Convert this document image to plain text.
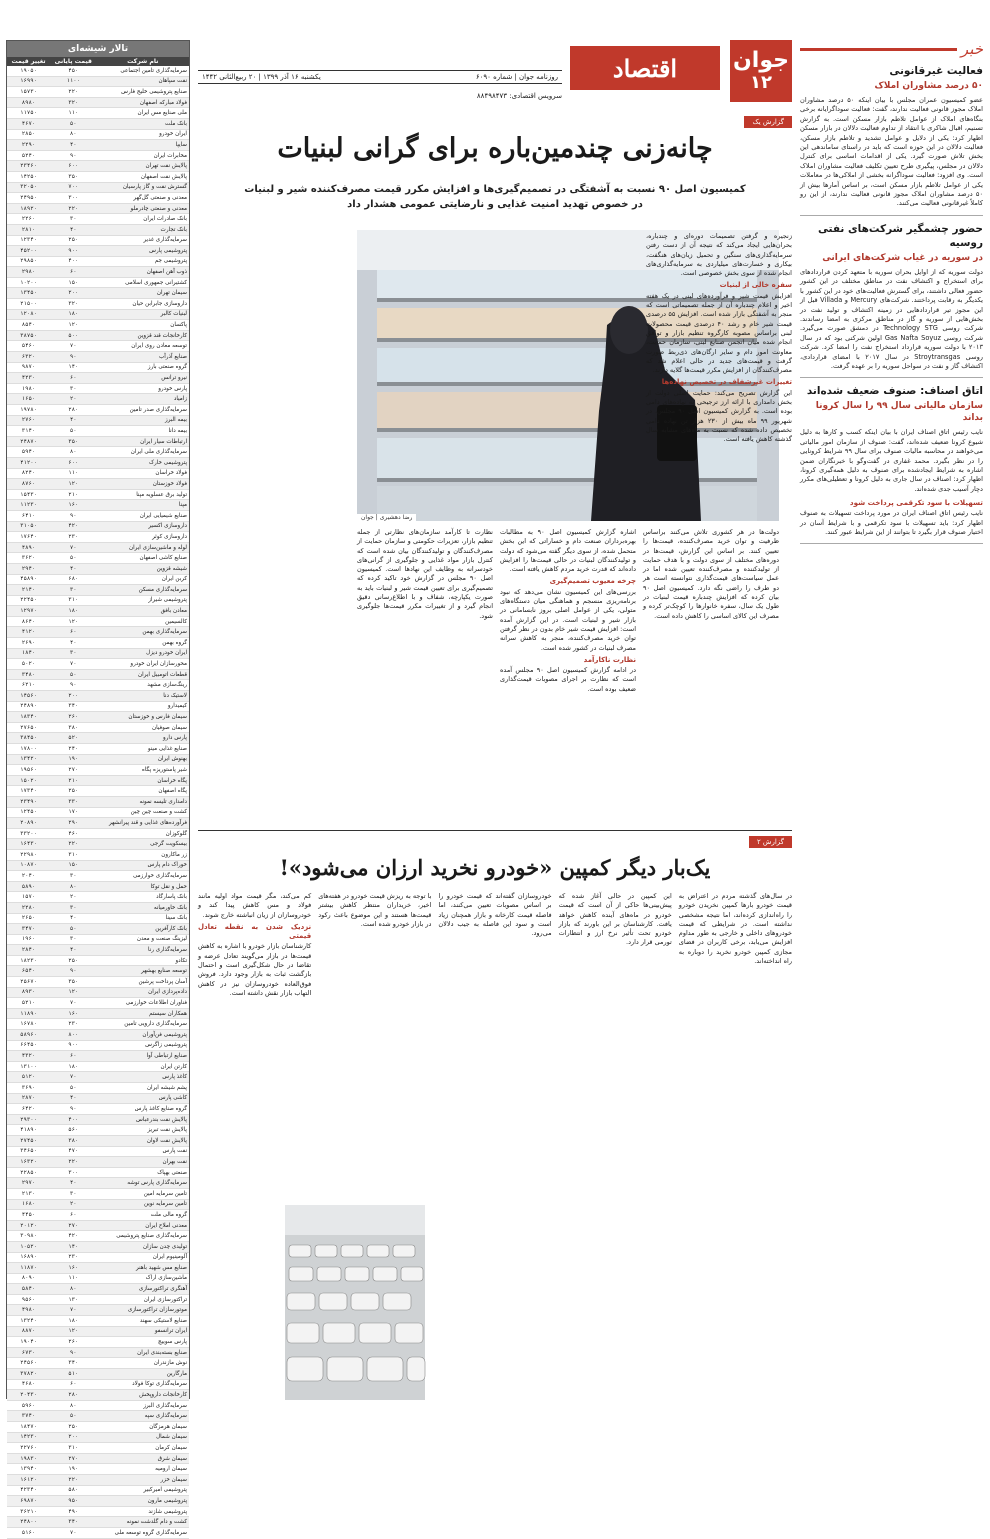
خبر
فعالیت غیرقانونی
۵۰ درصد مشاوران املاک

عضو کمیسیون عمران مجلس با بیان اینکه ۵۰ درصد مشاوران املاک مجوز قانونی فعالیت ندارند، گفت: فعالیت سوداگرایانه برخی بنگاه‌های املاک از عوامل تلاطم بازار مسکن است. به گزارش تسنیم، اقبال شاکری با انتقاد از تداوم فعالیت دلالان در بازار مسکن اظهار کرد: یکی از دلایل و عوامل تشدید و تلاطم بازار مسکن، فعالیت دلالان در این حوزه است که باید در راستای ساماندهی این بخش تلاش صورت گیرد. یکی از اقدامات اساسی برای کنترل دلالان در مجلس، پیگیری طرح تعیین تکلیف فعالیت مشاوران املاک است. وی افزود: فعالیت سوداگرانه بخشی از املاکی‌ها در معاملات یکی از عوامل تلاطم بازار مسکن است، بر اساس آمارها بیش از ۵۰ درصد مشاوران املاک مجوز قانونی فعالیت ندارند، از این رو کاملاً غیرقانونی فعالیت می‌کنند.

حضور چشمگیر شرکت‌های نفتی روسیه
در سوریه در غیاب شرکت‌های ایرانی

دولت سوریه که از اوایل بحران سوریه با متعهد کردن قراردادهای برای استخراج و اکتشاف نفت در مناطق مختلف در این کشور حضور فعالی داشتند، برای گسترش فعالیت‌های خود در این کشور با یکدیگر به رقابت پرداختند. شرکت‌های Mercury و Villada قبل از این مجوز تیر قراردادهایی در زمینه اکتشاف و تولید نفت در بخش‌هایی از سوریه و گاز در مناطق مرکزی به امضا رساندند. شرکت روسی Technology STG در دمشق صورت می‌گیرد. شرکت روسی Gas Nafta Soyuz اولین شرکتی بود که در سال ۲۰۱۳ با دولت سوریه قرارداد استخراج نفت را امضا کرد. شرکت روسی Stroytransgas در سال ۲۰۱۷ با امضای قراردادی، اکتشاف گاز و نفت در سواحل سوریه را بر عهده گرفت.

اتاق اصناف: صنوف ضعیف شده‌اند
سازمان مالیاتی سال ۹۹ را سال کرونا بداند

نایب رئیس اتاق اصناف ایران با بیان اینکه کسب و کارها به دلیل شیوع کرونا ضعیف شده‌اند، گفت: صنوف از سازمان امور مالیاتی می‌خواهند در محاسبه مالیات صنوف برای سال ۹۹ شرایط کرونایی را در نظر بگیرد. محمد غفاری در گفت‌وگو با خبرنگاران ضمن اشاره به شرایط ایجادشده برای صنوف به دلیل همه‌گیری کرونا، اظهار کرد: اصناف در سال جاری به دلیل کرونا و تعطیلی‌های مکرر دچار آسیب جدی شده‌اند.

تسهیلات با سود تکرقمی پرداخت شود

نایب رئیس اتاق اصناف ایران در مورد پرداخت تسهیلات به صنوف اظهار کرد: باید تسهیلات با سود تکرقمی و با شرایط آسان در اختیار صنوف قرار بگیرد تا بتوانند از این شرایط عبور کنند.

تالار شیشه‌ای
نام شرکت	قیمت پایانی	تغییر قیمت
سرمایه‌گذاری تامین اجتماعی	۴۵۰	۱۹۰۵۰
نفت سپاهان	۱۱۰۰	۱۶۹۹۰
صنایع پتروشیمی خلیج فارس	۲۲۰	۱۵۷۳۰
فولاد مبارکه اصفهان	۳۲۰	۸۹۸۰
ملی صنایع مس ایران	۱۱۰	۱۱۷۵۰
بانک ملت	۵۰	۴۶۷۰
ایران خودرو	۸۰	۲۸۵۰
سایپا	۴۰	۲۲۹۰
مخابرات ایران	۹۰	۵۲۴۰
پالایش نفت تهران	۶۰۰	۲۳۴۶۰
پالایش نفت اصفهان	۳۵۰	۱۴۲۵۰
گسترش نفت و گاز پارسیان	۷۰۰	۳۲۰۵۰
معدنی و صنعتی گل‌گهر	۳۰۰	۲۴۹۵۰
معدنی و صنعتی چادرملو	۲۲۰	۱۸۹۲۰
بانک صادرات ایران	۳۰	۲۲۶۰
بانک تجارت	۴۰	۲۸۱۰
سرمایه‌گذاری غدیر	۲۵۰	۱۲۳۴۰
پتروشیمی پارس	۹۰۰	۴۵۲۰۰
پتروشیمی جم	۴۰۰	۲۹۸۵۰
ذوب آهن اصفهان	۶۰	۲۹۸۰
کشتیرانی جمهوری اسلامی	۱۵۰	۱۰۲۰۰
سیمان تهران	۲۰۰	۱۳۴۵۰
داروسازی جابرابن حیان	۳۲۰	۲۱۵۰۰
لبنیات کالبر	۱۸۰	۱۲۰۸۰
پاکسان	۱۲۰	۸۵۴۰
کارخانجات قند قزوین	۵۰۰	۳۸۷۵۰
توسعه معادن روی ایران	۷۰	۵۴۶۰
صنایع آذرآب	۹۰	۶۳۲۰
گروه صنعتی بارز	۱۴۰	۹۸۷۰
نیرو ترانس	۶۰	۴۲۳۰
پارس خودرو	۳۰	۱۹۸۰
زامیاد	۲۰	۱۶۵۰
سرمایه‌گذاری صدر تامین	۲۸۰	۱۹۷۸۰
بیمه البرز	۴۰	۲۷۶۰
بیمه دانا	۵۰	۳۱۴۰
ارتباطات سیار ایران	۳۵۰	۲۴۸۷۰
سرمایه‌گذاری ملی ایران	۸۰	۵۹۴۰
پتروشیمی خارک	۶۰۰	۴۱۲۰۰
فولاد خراسان	۱۱۰	۸۲۴۰
فولاد خوزستان	۱۲۰	۸۷۶۰
تولید برق عسلویه مپنا	۲۱۰	۱۵۴۳۰
مپنا	۱۶۰	۱۱۲۳۰
صنایع شیمیایی ایران	۹۰	۶۴۱۰
داروسازی اکسیر	۴۲۰	۳۱۰۵۰
داروسازی کوثر	۲۳۰	۱۷۶۴۰
لوله و ماشین‌سازی ایران	۷۰	۴۸۹۰
صنایع کاشی اصفهان	۵۰	۳۶۲۰
شیشه قزوین	۴۰	۲۹۴۰
کربن ایران	۶۸۰	۴۵۸۹۰
سرمایه‌گذاری مسکن	۳۰	۲۱۴۰
پتروشیمی شیراز	۳۱۰	۲۲۴۵۰
معادن بافق	۱۸۰	۱۲۹۷۰
کالسیمین	۱۲۰	۸۶۴۰
سرمایه‌گذاری بهمن	۶۰	۴۱۲۰
گروه بهمن	۴۰	۲۶۹۰
ایران خودرو دیزل	۳۰	۱۸۴۰
محورسازان ایران خودرو	۷۰	۵۰۲۰
قطعات اتومبیل ایران	۵۰	۳۴۸۰
رینگ‌سازی مشهد	۹۰	۶۲۱۰
لاستیک دنا	۲۰۰	۱۴۵۶۰
کیمیدارو	۳۴۰	۲۴۸۹۰
سیمان فارس و خوزستان	۲۶۰	۱۸۳۴۰
سیمان صوفیان	۳۸۰	۲۷۶۵۰
پارس دارو	۵۲۰	۳۸۴۵۰
صنایع غذایی مینو	۲۴۰	۱۷۸۰۰
بهنوش ایران	۱۹۰	۱۳۴۲۰
شیر پاستوریزه پگاه	۲۷۰	۱۹۵۶۰
پگاه خراسان	۲۱۰	۱۵۰۲۰
پگاه اصفهان	۲۵۰	۱۷۳۴۰
دامداری تلیسه نمونه	۳۳۰	۲۳۴۹۰
کشت و صنعت چین چین	۱۷۰	۱۲۴۵۰
فرآورده‌های غذایی و قند پیرانشهر	۲۹۰	۲۰۸۹۰
گلوکوزان	۴۶۰	۳۳۲۰۰
بیسکویت گرجی	۲۲۰	۱۶۴۳۰
زر ماکارون	۳۱۰	۲۲۹۸۰
خوراک دام پارس	۱۵۰	۱۰۸۷۰
سرمایه‌گذاری خوارزمی	۳۰	۲۰۴۰
حمل و نقل توکا	۸۰	۵۸۹۰
بانک پاسارگاد	۲۰	۱۵۷۰
بانک خاورمیانه	۳۰	۲۲۸۰
بانک سینا	۴۰	۲۶۵۰
بانک کارآفرین	۵۰	۳۴۷۰
لیزینگ صنعت و معدن	۳۰	۱۹۶۰
سرمایه‌گذاری رنا	۴۰	۲۸۴۰
تکادو	۲۵۰	۱۸۲۳۰
توسعه صنایع بهشهر	۹۰	۶۵۴۰
آسان پرداخت پرشین	۳۵۰	۲۵۶۷۰
داده‌پردازی ایران	۱۲۰	۸۹۳۰
فناوران اطلاعات خوارزمی	۷۰	۵۲۱۰
همکاران سیستم	۱۶۰	۱۱۸۹۰
سرمایه‌گذاری دارویی تامین	۲۳۰	۱۶۷۸۰
پتروشیمی فن‌آوران	۸۰۰	۵۸۹۶۰
پتروشیمی زاگرس	۹۰۰	۶۶۴۵۰
صنایع ارتباطی آوا	۶۰	۴۳۲۰
کارتن ایران	۱۸۰	۱۳۱۰۰
کاغذ پارس	۷۰	۵۱۲۰
پشم شیشه ایران	۵۰	۳۶۹۰
کاشی پارس	۴۰	۲۸۷۰
گروه صنایع کاغذ پارس	۹۰	۶۴۲۰
پالایش نفت بندرعباس	۴۰۰	۲۹۳۰۰
پالایش نفت تبریز	۵۶۰	۴۱۸۹۰
پالایش نفت لاوان	۳۸۰	۲۷۴۵۰
نفت پارس	۴۷۰	۳۴۶۵۰
نفت بهران	۲۲۰	۱۶۳۲۰
صنعتی بهپاک	۳۰۰	۲۲۸۵۰
سرمایه‌گذاری پارس توشه	۴۰	۲۹۷۰
تامین سرمایه امین	۳۰	۲۱۳۰
تامین سرمایه نوین	۲۰	۱۶۸۰
گروه مالی ملت	۶۰	۴۴۵۰
معدنی املاح ایران	۲۷۰	۲۰۱۲۰
سرمایه‌گذاری صنایع پتروشیمی	۴۲۰	۳۰۹۸۰
تولیدی چدن سازان	۱۴۰	۱۰۵۲۰
آلومینیوم ایران	۲۳۰	۱۶۸۹۰
صنایع مس شهید باهنر	۱۶۰	۱۱۸۷۰
ماشین‌سازی اراک	۱۱۰	۸۰۹۰
آهنگری تراکتورسازی	۸۰	۵۸۴۰
تراکتورسازی ایران	۱۳۰	۹۵۶۰
موتورسازان تراکتورسازی	۷۰	۴۹۸۰
صنایع لاستیکی سهند	۱۸۰	۱۳۲۴۰
ایران ترانسفو	۱۲۰	۸۸۷۰
پارس سوییچ	۲۶۰	۱۹۰۴۰
صنایع بسته‌بندی ایران	۹۰	۶۷۳۰
نوش مازندران	۳۴۰	۲۴۵۶۰
مارگارین	۵۱۰	۳۷۸۲۰
سرمایه‌گذاری توکا فولاد	۶۰	۴۶۸۰
کارخانجات داروپخش	۲۸۰	۲۰۴۳۰
سرمایه‌گذاری البرز	۸۰	۵۹۶۰
سرمایه‌گذاری سپه	۵۰	۳۷۴۰
سیمان هرمزگان	۲۵۰	۱۸۴۷۰
سیمان شمال	۲۰۰	۱۴۲۳۰
سیمان کرمان	۳۱۰	۲۲۷۶۰
سیمان شرق	۲۷۰	۱۹۸۳۰
سیمان ارومیه	۱۹۰	۱۳۹۴۰
سیمان خزر	۲۲۰	۱۶۱۲۰
پتروشیمی امیرکبیر	۵۸۰	۴۲۳۴۰
پتروشیمی مارون	۹۵۰	۶۹۸۷۰
پتروشیمی شازند	۴۹۰	۳۶۲۱۰
کشت و دام گلدشت نمونه	۳۴۰	۲۴۸۰۰
سرمایه‌گذاری گروه توسعه ملی	۷۰	۵۱۶۰
جوان
۱۲
اقتصاد
روزنامه جوان | شماره ۶۰۹۰
یکشنبه ۱۶ آذر ۱۳۹۹ | ۲۰ ربیع‌الثانی ۱۴۴۲
سرویس اقتصادی: ۸۸۴۹۸۴۷۳
گزارش یک
چانه‌زنی چندمین‌باره برای گرانی لبنیات
کمیسیون اصل ۹۰ نسبت به آشفتگی در تصمیم‌گیری‌ها و افزایش مکرر قیمت مصرف‌کننده شیر و لبنیات
در خصوص تهدید امنیت غذایی و نارضایتی عمومی هشدار داد
رضا دهشیری | جوان
زنجیره و گرفتن تصمیمات دوره‌ای و چندباره، بحران‌هایی ایجاد می‌کند که نتیجه آن از دست رفتن سرمایه‌گذاری‌های سنگین و تحمیل زیان‌های هنگفت، بیکاری و خسارت‌های میلیاردی به سرمایه‌گذاری‌های انجام شده از سوی بخش خصوصی است.
سفره خالی از لبنیات
افزایش قیمت شیر و فرآورده‌های لبنی در یک هفته اخیر و اعلام چندباره آن از جمله تصمیماتی است که منجر به آشفتگی بازار شده است. افزایش ۵۵ درصدی قیمت شیر خام و رشد ۴۰ درصدی قیمت محصولات لبنی براساس مصوبه کارگروه تنظیم بازار و توافق انجام شده میان انجمن صنایع لبنی، سازمان حمایت، معاونت امور دام و سایر ارگان‌های ذی‌ربط صورت گرفت و قیمت‌های جدید در حالی اعلام شد که مصرف‌کنندگان از افزایش مکرر قیمت‌ها گلایه دارند.
تغییرات غیرشفاف در تخصیص نهاده‌ها
این گزارش تصریح می‌کند: حمایت اصلی دولت از بخش دامداری با ارائه ارز ترجیحی به نهاده‌های دامی بوده است. به گزارش کمیسیون اصل ۹۰ مجلس، در شهریور ۹۹ ماه بیش از ۲۳۰ هزار تن نهاده دامی تخصیص داده شده که نسبت به ماه‌های مشابه سال گذشته کاهش یافته است.
دولت‌ها در هر کشوری تلاش می‌کنند براساس ظرفیت و توان خرید مصرف‌کننده، قیمت‌ها را تعیین کنند. بر اساس این گزارش، قیمت‌ها در دوره‌های مختلف از سوی دولت و با هدف حمایت از تولیدکننده و مصرف‌کننده تعیین شده اما در عمل سیاست‌های قیمت‌گذاری نتوانسته است هر دو طرف را راضی نگه دارد. کمیسیون اصل ۹۰ بیان کرده که افزایش چندباره قیمت لبنیات در طول یک سال، سفره خانوارها را کوچک‌تر کرده و مصرف این کالای اساسی را کاهش داده است.
اشاره گزارش کمیسیون اصل ۹۰ به مطالبات بهره‌برداران صنعت دام و خساراتی که این بخش متحمل شده، از سوی دیگر گفته می‌شود که دولت و تولیدکنندگان لبنیات در حالی قیمت‌ها را افزایش داده‌اند که قدرت خرید مردم کاهش یافته است.
چرخه معیوب تصمیم‌گیری
بررسی‌های این کمیسیون نشان می‌دهد که نبود برنامه‌ریزی منسجم و هماهنگی میان دستگاه‌های متولی، یکی از عوامل اصلی بروز نابسامانی در بازار شیر و لبنیات است. در این گزارش آمده است: افزایش قیمت شیر خام بدون در نظر گرفتن توان خرید مصرف‌کننده، منجر به کاهش سرانه مصرف لبنیات در کشور شده است.
نظارت ناکارآمد
در ادامه گزارش کمیسیون اصل ۹۰ مجلس آمده است که نظارت بر اجرای مصوبات قیمت‌گذاری ضعیف بوده است.
نظارت تا کارآمد سازمان‌های نظارتی از جمله تنظیم بازار، تعزیرات حکومتی و سازمان حمایت از مصرف‌کنندگان و تولیدکنندگان بیان شده است که کنترل بازار مواد غذایی و جلوگیری از گرانی‌های خودسرانه به وظایف این نهادها است. کمیسیون اصل ۹۰ مجلس در گزارش خود تاکید کرده که تصمیم‌گیری برای تعیین قیمت شیر و لبنیات باید به صورت یکپارچه، شفاف و با اطلاع‌رسانی دقیق انجام گیرد و از تغییرات مکرر قیمت‌ها جلوگیری شود.
گزارش ۲
یک‌بار دیگر کمپین «خودرو نخرید ارزان می‌شود»!
در سال‌های گذشته مردم در اعتراض به قیمت خودرو بارها کمپین نخریدن خودرو را راه‌اندازی کرده‌اند، اما نتیجه مشخصی نداشته است. در شرایطی که قیمت خودروهای داخلی و خارجی به طور مداوم افزایش می‌یابد، برخی کاربران در فضای مجازی کمپین خودرو نخرید را دوباره به راه انداخته‌اند.
این کمپین در حالی آغاز شده که پیش‌بینی‌ها حاکی از آن است که قیمت خودرو در ماه‌های آینده کاهش خواهد یافت. کارشناسان بر این باورند که بازار خودرو تحت تأثیر نرخ ارز و انتظارات تورمی قرار دارد.
خودروسازان گفته‌اند که قیمت خودرو را بر اساس مصوبات تعیین می‌کنند، اما فاصله قیمت کارخانه و بازار همچنان زیاد است و سود این فاصله به جیب دلالان می‌رود.
با توجه به ریزش قیمت خودرو در هفته‌های اخیر، خریداران منتظر کاهش بیشتر قیمت‌ها هستند و این موضوع باعث رکود در بازار خودرو شده است.
کم می‌کند، مگر قیمت مواد اولیه مانند فولاد و مس کاهش پیدا کند و خودروسازان از زیان انباشته خارج شوند.
نزدیک شدن به نقطه تعادل قیمتی
کارشناسان بازار خودرو با اشاره به کاهش قیمت‌ها در بازار می‌گویند تعادل عرضه و تقاضا در حال شکل‌گیری است و احتمال بازگشت ثبات به بازار وجود دارد. فروش فوق‌العاده خودروسازان نیز در کاهش التهاب بازار نقش داشته است.
